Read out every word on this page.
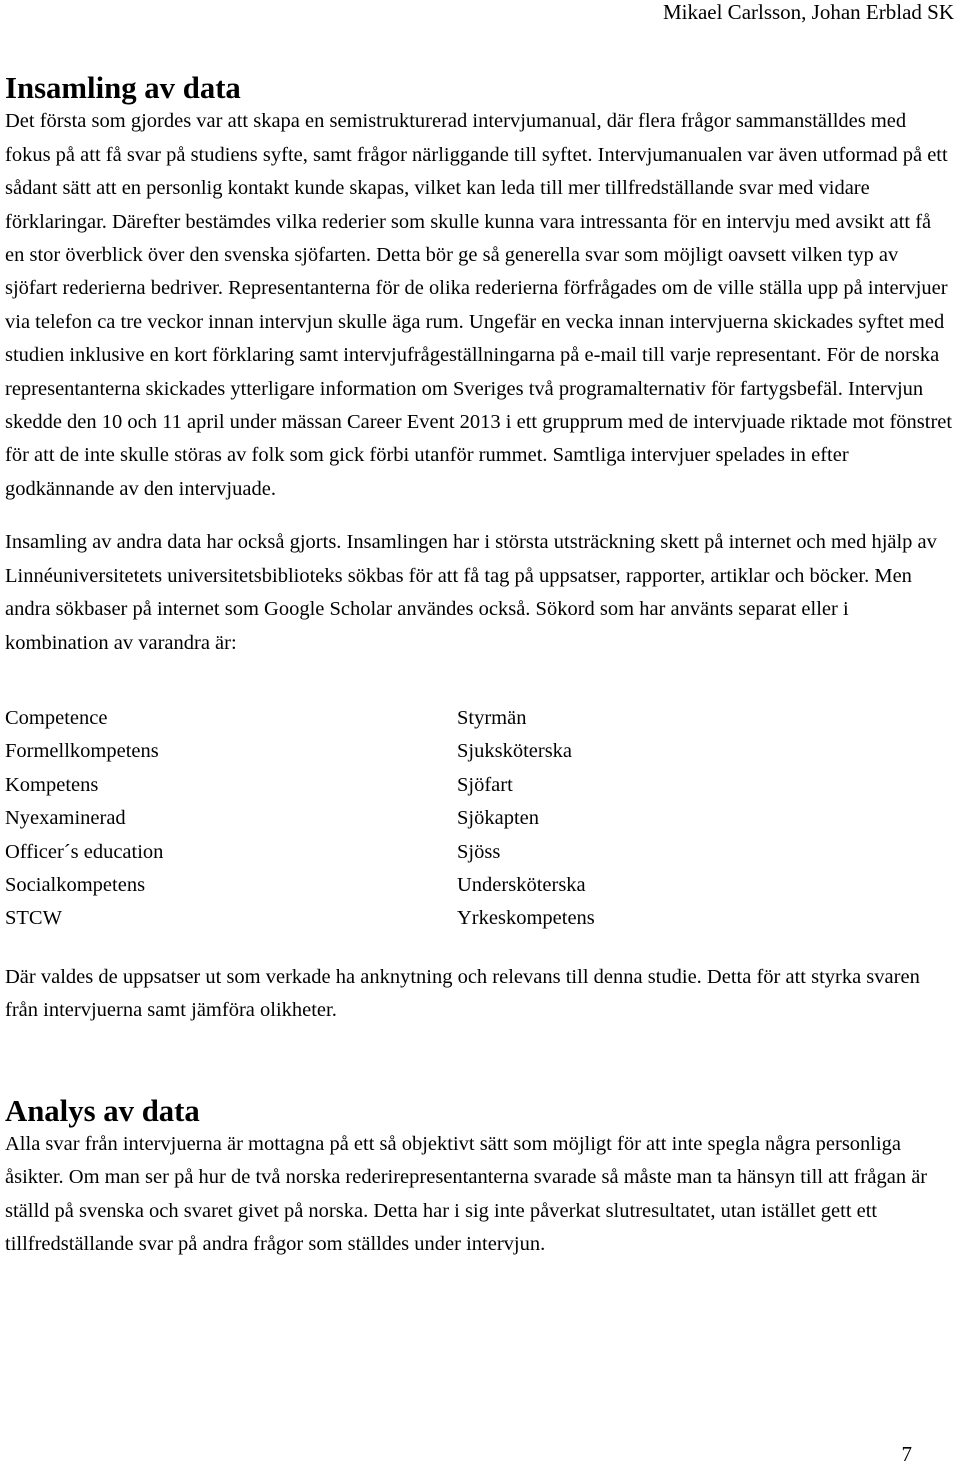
Mikael Carlsson, Johan Erblad SK
Insamling av data

Det första som gjordes var att skapa en semistrukturerad intervjumanual, där flera frågor sammanställdes med fokus på att få svar på studiens syfte, samt frågor närliggande till syftet. Intervjumanualen var även utformad på ett sådant sätt att en personlig kontakt kunde skapas, vilket kan leda till mer tillfredställande svar med vidare förklaringar. Därefter bestämdes vilka rederier som skulle kunna vara intressanta för en intervju med avsikt att få en stor överblick över den svenska sjöfarten. Detta bör ge så generella svar som möjligt oavsett vilken typ av sjöfart rederierna bedriver. Representanterna för de olika rederierna förfrågades om de ville ställa upp på intervjuer via telefon ca tre veckor innan intervjun skulle äga rum. Ungefär en vecka innan intervjuerna skickades syftet med studien inklusive en kort förklaring samt intervjufrågeställningarna på e-mail till varje representant. För de norska representanterna skickades ytterligare information om Sveriges två programalternativ för fartygsbefäl. Intervjun skedde den 10 och 11 april under mässan Career Event 2013 i ett grupprum med de intervjuade riktade mot fönstret för att de inte skulle störas av folk som gick förbi utanför rummet. Samtliga intervjuer spelades in efter godkännande av den intervjuade.

Insamling av andra data har också gjorts. Insamlingen har i största utsträckning skett på internet och med hjälp av Linnéuniversitetets universitetsbiblioteks sökbas för att få tag på uppsatser, rapporter, artiklar och böcker. Men andra sökbaser på internet som Google Scholar användes också. Sökord som har använts separat eller i kombination av varandra är:

Competence
Formellkompetens
Kompetens
Nyexaminerad
Officer´s education
Socialkompetens
STCW
Styrmän
Sjuksköterska
Sjöfart
Sjökapten
Sjöss
Undersköterska
Yrkeskompetens

Där valdes de uppsatser ut som verkade ha anknytning och relevans till denna studie. Detta för att styrka svaren från intervjuerna samt jämföra olikheter.

Analys av data

Alla svar från intervjuerna är mottagna på ett så objektivt sätt som möjligt för att inte spegla några personliga åsikter. Om man ser på hur de två norska rederirepresentanterna svarade så måste man ta hänsyn till att frågan är ställd på svenska och svaret givet på norska. Detta har i sig inte påverkat slutresultatet, utan istället gett ett tillfredställande svar på andra frågor som ställdes under intervjun.

7
